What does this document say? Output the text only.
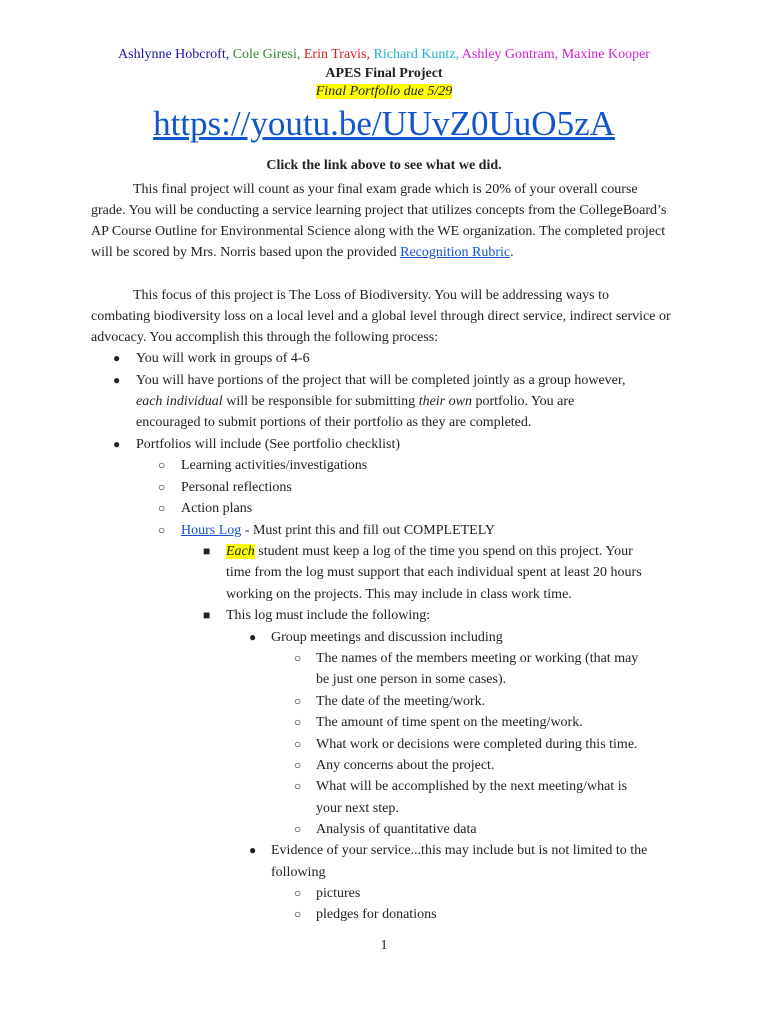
Ashlynne Hobcroft, Cole Giresi, Erin Travis, Richard Kuntz, Ashley Gontram, Maxine Kooper
APES Final Project
Final Portfolio due 5/29
https://youtu.be/UUvZ0UuO5zA
Click the link above to see what we did.
This final project will count as your final exam grade which is 20% of your overall course grade. You will be conducting a service learning project that utilizes concepts from the CollegeBoard’s AP Course Outline for Environmental Science along with the WE organization. The completed project will be scored by Mrs. Norris based upon the provided Recognition Rubric.
This focus of this project is The Loss of Biodiversity. You will be addressing ways to combating biodiversity loss on a local level and a global level through direct service, indirect service or advocacy. You accomplish this through the following process:
● You will work in groups of 4-6
● You will have portions of the project that will be completed jointly as a group however,
each individual will be responsible for submitting their own portfolio. You are
encouraged to submit portions of their portfolio as they are completed.
● Portfolios will include (See portfolio checklist)
○ Learning activities/investigations
○ Personal reflections
○ Action plans
○ Hours Log - Must print this and fill out COMPLETELY
■ Each student must keep a log of the time you spend on this project. Your
time from the log must support that each individual spent at least 20 hours
working on the projects. This may include in class work time.
■ This log must include the following:
● Group meetings and discussion including
○ The names of the members meeting or working (that may
be just one person in some cases).
○ The date of the meeting/work.
○ The amount of time spent on the meeting/work.
○ What work or decisions were completed during this time.
○ Any concerns about the project.
○ What will be accomplished by the next meeting/what is
your next step.
○ Analysis of quantitative data
● Evidence of your service...this may include but is not limited to the
following
○ pictures
○ pledges for donations
1
